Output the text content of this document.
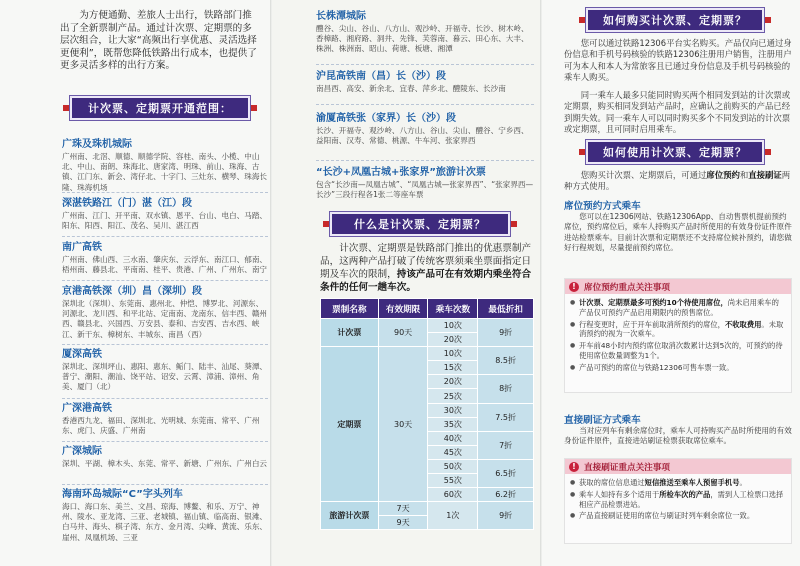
为方便通勤、差旅人士出行，铁路部门推出了全新票制产品。通过计次票、定期票的多层次组合，让大家“高频出行享优惠、灵活选择更便利”，既帮您降低铁路出行成本，也提供了更多灵活多样的出行方案。
计次票、定期票开通范围：
广珠及珠机城际
广州南、北滘、顺德、顺德学院、容桂、南头、小榄、中山北、中山、南朗、珠海北、唐家湾、明珠、前山、珠海、古镇、江门东、新会、湾仔北、十字门、三灶东、横琴、珠海长隆、珠海机场
深湛铁路江（门）湛（江）段
广州南、江门、开平南、双水镇、恩平、台山、电白、马踏、阳东、阳西、阳江、茂名、吴川、湛江西
南广高铁
广州南、佛山西、三水南、肇庆东、云浮东、南江口、郁南、梧州南、藤县北、平南南、桂平、贵港、广州、广州东、南宁
京港高铁深（圳）昌（深圳）段
深圳北（深圳）、东莞南、惠州北、仲恺、博罗北、河源东、河源北、龙川西、和平北站、定南南、龙南东、信丰西、赣州西、赣县北、兴国西、万安县、泰和、吉安西、吉水西、峡江、新干东、樟树东、丰城东、南昌（西）
厦深高铁
深圳北、深圳坪山、惠阳、惠东、鲘门、陆丰、汕尾、葵潭、普宁、潮阳、潮汕、饶平站、诏安、云霄、漳浦、漳州、角美、厦门（北）
广深港高铁
香港西九龙、福田、深圳北、光明城、东莞南、常平、广州东、虎门、庆盛、广州南
广深城际
深圳、平湖、樟木头、东莞、常平、新塘、广州东、广州白云
海南环岛城际“C”字头列车
海口、海口东、美兰、文昌、琼海、博鳌、和乐、万宁、神州、陵水、亚龙湾、三亚、老城镇、福山镇、临高南、银滩、白马井、海头、棋子湾、东方、金月湾、尖峰、黄流、乐东、崖州、凤凰机场、三亚
长株潭城际
醴谷、尖山、谷山、八方山、观沙岭、开福寺、长沙、树木岭、香樟路、湘府路、洞井、先锋、芙蓉南、暮云、田心东、大丰、株洲、株洲南、昭山、荷塘、板塘、湘潭
沪昆高铁南（昌）长（沙）段
南昌西、高安、新余北、宜春、萍乡北、醴陵东、长沙南
渝厦高铁张（家界）长（沙）段
长沙、开福寺、观沙岭、八方山、谷山、尖山、醴谷、宁乡西、益阳南、汉寿、常德、桃源、牛车河、张家界西
“长沙+凤凰古城+张家界”旅游计次票
包含“长沙南—凤凰古城”、“凤凰古城—张家界西”、“张家界西—长沙”三段行程各1张二等座车票
什么是计次票、定期票？
计次票、定期票是铁路部门推出的优惠票制产品，这两种产品打破了传统客票须乘坐票面指定日期及车次的限制，持该产品可在有效期内乘坐符合条件的任何一趟车次。
票制名称	有效期限	乘车次数	最低折扣
计次票	90天	10次	9折
		20次	
定期票	30天	10次	8.5折
		15次	
		20次	8折
		25次	
		30次	7.5折
		35次	
		40次	7折
		45次	
		50次	6.5折
		55次	
		60次	6.2折
旅游计次票	7天	1次	9折
	9天		
如何购买计次票、定期票？
您可以通过铁路12306平台实名购买。产品仅向已通过身份信息和手机号码核验的铁路12306注册用户销售，注册用户可为本人和本人为常旅客且已通过身份信息及手机号码核验的乘车人购买。
同一乘车人最多只能同时购买两个相同发到站的计次票或定期票，购买相同发到站产品时，应确认之前购买的产品已经到期失效。同一乘车人可以同时购买多个不同发到站的计次票或定期票，且可同时启用乘车。
如何使用计次票、定期票？
您购买计次票、定期票后，可通过席位预约和直接刷证两种方式使用。
席位预约方式乘车
您可以在12306网站、铁路12306App、自动售票机提前预约席位，预约席位后，乘车人持购买产品时所使用的有效身份证件原件进站检票乘车。目前计次票和定期票还不支持席位候补预约，请您做好行程规划，尽量提前预约席位。
! 席位预约重点关注事项
● 计次票、定期票最多可预约10个待使用席位，尚未启用乘车的产品仅可预约产品启用期限内的预售席位。
● 行程变更时，应于开车前取消所预约的席位，不收取费用。未取消预约的视为一次乘车。
● 开车前48小时内预约席位取消次数累计达到5次的，可预约的待使用席位数量调整为1个。
● 产品可预约的席位与铁路12306可售车票一致。
直接刷证方式乘车
当对应列车有剩余席位时，乘车人可持购买产品时所使用的有效身份证件原件，直接进站刷证检票获取席位乘车。
! 直接刷证重点关注事项
● 获取的席位信息通过短信推送至乘车人预留手机号。
● 乘车人如持有多个适用于所检车次的产品，需到人工检票口选择相应产品检票进站。
● 产品直接刷证使用的席位与刷证时列车剩余席位一致。
